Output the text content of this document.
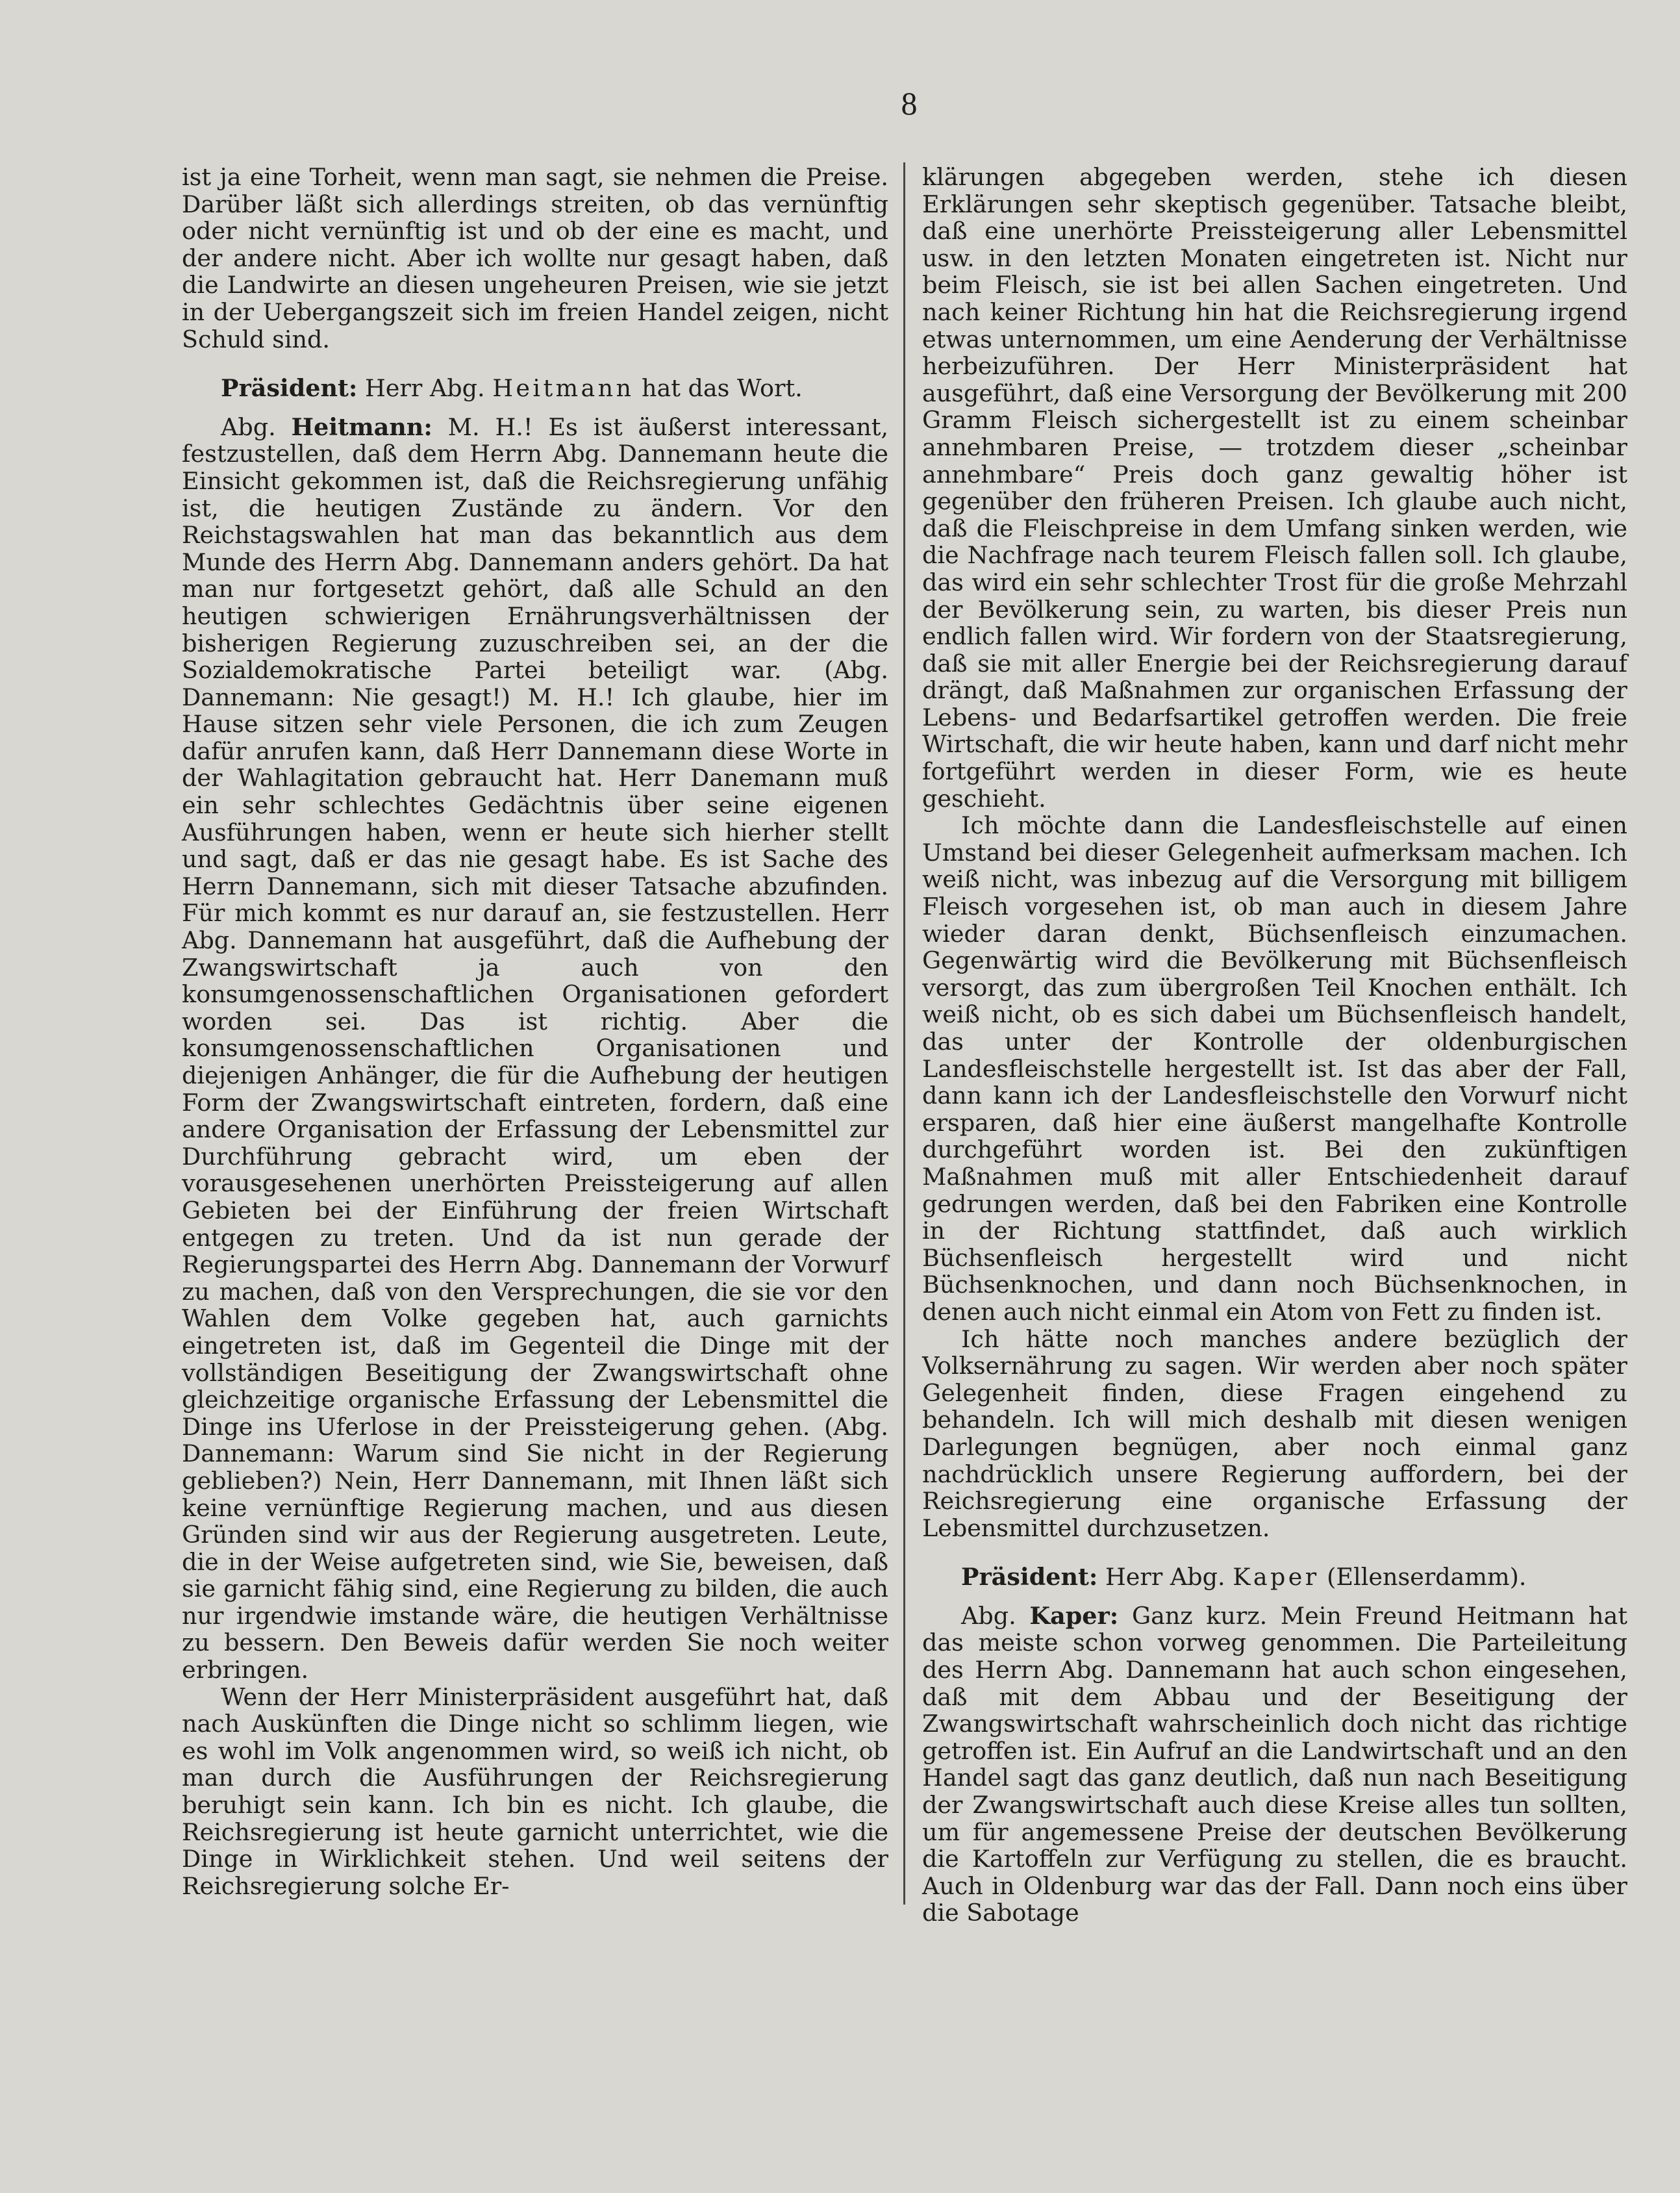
8

ist ja eine Torheit, wenn man sagt, sie nehmen die Preise. Darüber läßt sich allerdings streiten, ob das vernünftig oder nicht vernünftig ist und ob der eine es macht, und der andere nicht. Aber ich wollte nur gesagt haben, daß die Landwirte an diesen ungeheuren Preisen, wie sie jetzt in der Uebergangszeit sich im freien Handel zeigen, nicht Schuld sind.

Präsident: Herr Abg. Heitmann hat das Wort.

Abg. Heitmann: M. H.! Es ist äußerst interessant, festzustellen, daß dem Herrn Abg. Dannemann heute die Einsicht gekommen ist, daß die Reichsregierung unfähig ist, die heutigen Zustände zu ändern. Vor den Reichstagswahlen hat man das bekanntlich aus dem Munde des Herrn Abg. Dannemann anders gehört. Da hat man nur fortgesetzt gehört, daß alle Schuld an den heutigen schwierigen Ernährungsverhältnissen der bisherigen Regierung zuzuschreiben sei, an der die Sozialdemokratische Partei beteiligt war. (Abg. Dannemann: Nie gesagt!) M. H.! Ich glaube, hier im Hause sitzen sehr viele Personen, die ich zum Zeugen dafür anrufen kann, daß Herr Dannemann diese Worte in der Wahlagitation gebraucht hat. Herr Danemann muß ein sehr schlechtes Gedächtnis über seine eigenen Ausführungen haben, wenn er heute sich hierher stellt und sagt, daß er das nie gesagt habe. Es ist Sache des Herrn Dannemann, sich mit dieser Tatsache abzufinden. Für mich kommt es nur darauf an, sie festzustellen. Herr Abg. Dannemann hat ausgeführt, daß die Aufhebung der Zwangswirtschaft ja auch von den konsumgenossenschaftlichen Organisationen gefordert worden sei. Das ist richtig. Aber die konsumgenossenschaftlichen Organisationen und diejenigen Anhänger, die für die Aufhebung der heutigen Form der Zwangswirtschaft eintreten, fordern, daß eine andere Organisation der Erfassung der Lebensmittel zur Durchführung gebracht wird, um eben der vorausgesehenen unerhörten Preissteigerung auf allen Gebieten bei der Einführung der freien Wirtschaft entgegen zu treten. Und da ist nun gerade der Regierungspartei des Herrn Abg. Dannemann der Vorwurf zu machen, daß von den Versprechungen, die sie vor den Wahlen dem Volke gegeben hat, auch garnichts eingetreten ist, daß im Gegenteil die Dinge mit der vollständigen Beseitigung der Zwangswirtschaft ohne gleichzeitige organische Erfassung der Lebensmittel die Dinge ins Uferlose in der Preissteigerung gehen. (Abg. Dannemann: Warum sind Sie nicht in der Regierung geblieben?) Nein, Herr Dannemann, mit Ihnen läßt sich keine vernünftige Regierung machen, und aus diesen Gründen sind wir aus der Regierung ausgetreten. Leute, die in der Weise aufgetreten sind, wie Sie, beweisen, daß sie garnicht fähig sind, eine Regierung zu bilden, die auch nur irgendwie imstande wäre, die heutigen Verhältnisse zu bessern. Den Beweis dafür werden Sie noch weiter erbringen.

Wenn der Herr Ministerpräsident ausgeführt hat, daß nach Auskünften die Dinge nicht so schlimm liegen, wie es wohl im Volk angenommen wird, so weiß ich nicht, ob man durch die Ausführungen der Reichsregierung beruhigt sein kann. Ich bin es nicht. Ich glaube, die Reichsregierung ist heute garnicht unterrichtet, wie die Dinge in Wirklichkeit stehen. Und weil seitens der Reichsregierung solche Er-

klärungen abgegeben werden, stehe ich diesen Erklärungen sehr skeptisch gegenüber. Tatsache bleibt, daß eine unerhörte Preissteigerung aller Lebensmittel usw. in den letzten Monaten eingetreten ist. Nicht nur beim Fleisch, sie ist bei allen Sachen eingetreten. Und nach keiner Richtung hin hat die Reichsregierung irgend etwas unternommen, um eine Aenderung der Verhältnisse herbeizuführen. Der Herr Ministerpräsident hat ausgeführt, daß eine Versorgung der Bevölkerung mit 200 Gramm Fleisch sichergestellt ist zu einem scheinbar annehmbaren Preise, — trotzdem dieser „scheinbar annehmbare“ Preis doch ganz gewaltig höher ist gegenüber den früheren Preisen. Ich glaube auch nicht, daß die Fleischpreise in dem Umfang sinken werden, wie die Nachfrage nach teurem Fleisch fallen soll. Ich glaube, das wird ein sehr schlechter Trost für die große Mehrzahl der Bevölkerung sein, zu warten, bis dieser Preis nun endlich fallen wird. Wir fordern von der Staatsregierung, daß sie mit aller Energie bei der Reichsregierung darauf drängt, daß Maßnahmen zur organischen Erfassung der Lebens- und Bedarfsartikel getroffen werden. Die freie Wirtschaft, die wir heute haben, kann und darf nicht mehr fortgeführt werden in dieser Form, wie es heute geschieht.

Ich möchte dann die Landesfleischstelle auf einen Umstand bei dieser Gelegenheit aufmerksam machen. Ich weiß nicht, was inbezug auf die Versorgung mit billigem Fleisch vorgesehen ist, ob man auch in diesem Jahre wieder daran denkt, Büchsenfleisch einzumachen. Gegenwärtig wird die Bevölkerung mit Büchsenfleisch versorgt, das zum übergroßen Teil Knochen enthält. Ich weiß nicht, ob es sich dabei um Büchsenfleisch handelt, das unter der Kontrolle der oldenburgischen Landesfleischstelle hergestellt ist. Ist das aber der Fall, dann kann ich der Landesfleischstelle den Vorwurf nicht ersparen, daß hier eine äußerst mangelhafte Kontrolle durchgeführt worden ist. Bei den zukünftigen Maßnahmen muß mit aller Entschiedenheit darauf gedrungen werden, daß bei den Fabriken eine Kontrolle in der Richtung stattfindet, daß auch wirklich Büchsenfleisch hergestellt wird und nicht Büchsenknochen, und dann noch Büchsenknochen, in denen auch nicht einmal ein Atom von Fett zu finden ist.

Ich hätte noch manches andere bezüglich der Volksernährung zu sagen. Wir werden aber noch später Gelegenheit finden, diese Fragen eingehend zu behandeln. Ich will mich deshalb mit diesen wenigen Darlegungen begnügen, aber noch einmal ganz nachdrücklich unsere Regierung auffordern, bei der Reichsregierung eine organische Erfassung der Lebensmittel durchzusetzen.

Präsident: Herr Abg. Kaper (Ellenserdamm).

Abg. Kaper: Ganz kurz. Mein Freund Heitmann hat das meiste schon vorweg genommen. Die Parteileitung des Herrn Abg. Dannemann hat auch schon eingesehen, daß mit dem Abbau und der Beseitigung der Zwangswirtschaft wahrscheinlich doch nicht das richtige getroffen ist. Ein Aufruf an die Landwirtschaft und an den Handel sagt das ganz deutlich, daß nun nach Beseitigung der Zwangswirtschaft auch diese Kreise alles tun sollten, um für angemessene Preise der deutschen Bevölkerung die Kartoffeln zur Verfügung zu stellen, die es braucht. Auch in Oldenburg war das der Fall. Dann noch eins über die Sabotage
